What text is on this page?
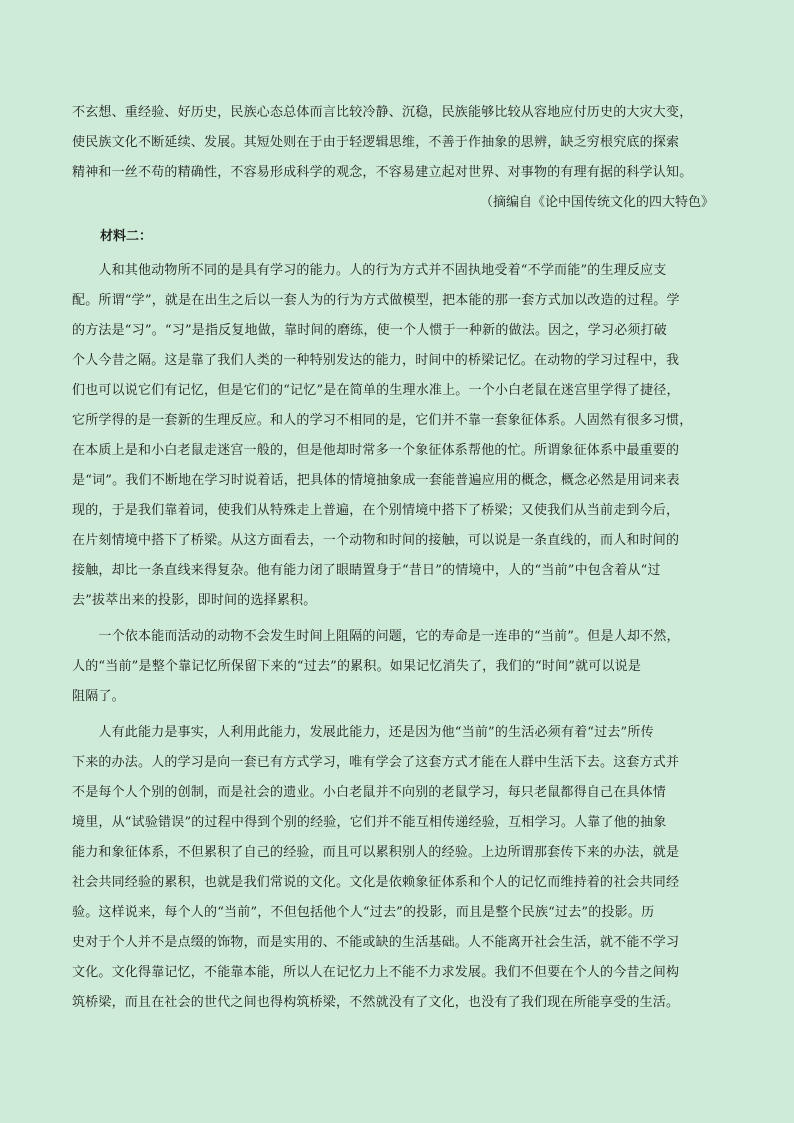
不玄想、重经验、好历史，民族心态总体而言比较冷静、沉稳，民族能够比较从容地应付历史的大灾大变，
使民族文化不断延续、发展。其短处则在于由于轻逻辑思维，不善于作抽象的思辨，缺乏穷根究底的探索
精神和一丝不苟的精确性，不容易形成科学的观念，不容易建立起对世界、对事物的有理有据的科学认知。
（摘编自《论中国传统文化的四大特色》
材料二：
　　人和其他动物所不同的是具有学习的能力。人的行为方式并不固执地受着“不学而能”的生理反应支
配。所谓“学”，就是在出生之后以一套人为的行为方式做模型，把本能的那一套方式加以改造的过程。学
的方法是“习”。“习”是指反复地做，靠时间的磨练，使一个人惯于一种新的做法。因之，学习必须打破
个人今昔之隔。这是靠了我们人类的一种特别发达的能力，时间中的桥梁记忆。在动物的学习过程中，我
们也可以说它们有记忆，但是它们的“记忆”是在简单的生理水准上。一个小白老鼠在迷宫里学得了捷径，
它所学得的是一套新的生理反应。和人的学习不相同的是，它们并不靠一套象征体系。人固然有很多习惯，
在本质上是和小白老鼠走迷宫一般的，但是他却时常多一个象征体系帮他的忙。所谓象征体系中最重要的
是“词”。我们不断地在学习时说着话，把具体的情境抽象成一套能普遍应用的概念，概念必然是用词来表
现的，于是我们靠着词，使我们从特殊走上普遍，在个别情境中搭下了桥梁；又使我们从当前走到今后，
在片刻情境中搭下了桥梁。从这方面看去，一个动物和时间的接触，可以说是一条直线的，而人和时间的
接触，却比一条直线来得复杂。他有能力闭了眼睛置身于“昔日”的情境中，人的“当前”中包含着从“过
去”拔萃出来的投影，即时间的选择累积。
　　一个依本能而活动的动物不会发生时间上阻隔的问题，它的寿命是一连串的“当前”。但是人却不然，
人的“当前”是整个靠记忆所保留下来的“过去”的累积。如果记忆消失了，我们的“时间”就可以说是
阻隔了。
　　人有此能力是事实，人利用此能力，发展此能力，还是因为他“当前”的生活必须有着“过去”所传
下来的办法。人的学习是向一套已有方式学习，唯有学会了这套方式才能在人群中生活下去。这套方式并
不是每个人个别的创制，而是社会的遗业。小白老鼠并不向别的老鼠学习，每只老鼠都得自己在具体情
境里，从“试验错误”的过程中得到个别的经验，它们并不能互相传递经验，互相学习。人靠了他的抽象
能力和象征体系，不但累积了自己的经验，而且可以累积别人的经验。上边所谓那套传下来的办法，就是
社会共同经验的累积，也就是我们常说的文化。文化是依赖象征体系和个人的记忆而维持着的社会共同经
验。这样说来，每个人的“当前”，不但包括他个人“过去”的投影，而且是整个民族“过去”的投影。历
史对于个人并不是点缀的饰物，而是实用的、不能或缺的生活基础。人不能离开社会生活，就不能不学习
文化。文化得靠记忆，不能靠本能，所以人在记忆力上不能不力求发展。我们不但要在个人的今昔之间构
筑桥梁，而且在社会的世代之间也得构筑桥梁，不然就没有了文化，也没有了我们现在所能享受的生活。
